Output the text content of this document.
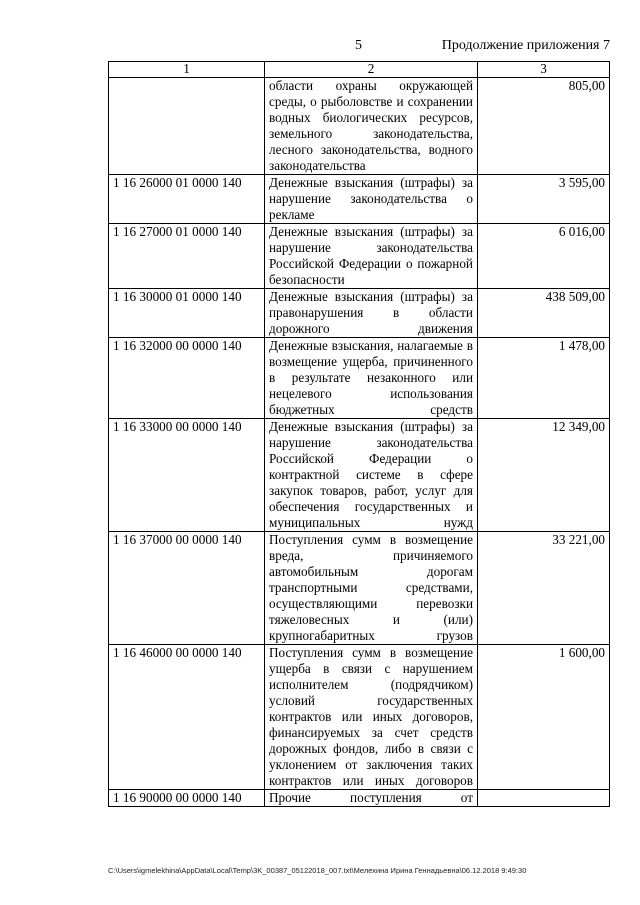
5	Продолжение приложения 7
1	2	3
	области охраны окружающей среды, о рыболовстве и сохранении водных биологических ресурсов, земельного законодательства, лесного законодательства, водного законодательства	805,00
1 16 26000 01 0000 140	Денежные взыскания (штрафы) за нарушение законодательства о рекламе	3 595,00
1 16 27000 01 0000 140	Денежные взыскания (штрафы) за нарушение законодательства Российской Федерации о пожарной безопасности	6 016,00
1 16 30000 01 0000 140	Денежные взыскания (штрафы) за правонарушения в области дорожного движения	438 509,00
1 16 32000 00 0000 140	Денежные взыскания, налагаемые в возмещение ущерба, причиненного в результате незаконного или нецелевого использования бюджетных средств	1 478,00
1 16 33000 00 0000 140	Денежные взыскания (штрафы) за нарушение законодательства Российской Федерации о контрактной системе в сфере закупок товаров, работ, услуг для обеспечения государственных и муниципальных нужд	12 349,00
1 16 37000 00 0000 140	Поступления сумм в возмещение вреда, причиняемого автомобильным дорогам транспортными средствами, осуществляющими перевозки тяжеловесных и (или) крупногабаритных грузов	33 221,00
1 16 46000 00 0000 140	Поступления сумм в возмещение ущерба в связи с нарушением исполнителем (подрядчиком) условий государственных контрактов или иных договоров, финансируемых за счет средств дорожных фондов, либо в связи с уклонением от заключения таких контрактов или иных договоров	1 600,00
1 16 90000 00 0000 140	Прочие поступления от	
C:\Users\igmelekhina\AppData\Local\Temp\3K_00387_05122018_007.txt\Мелехина Ирина Геннадьевна\06.12.2018 9:49:30
